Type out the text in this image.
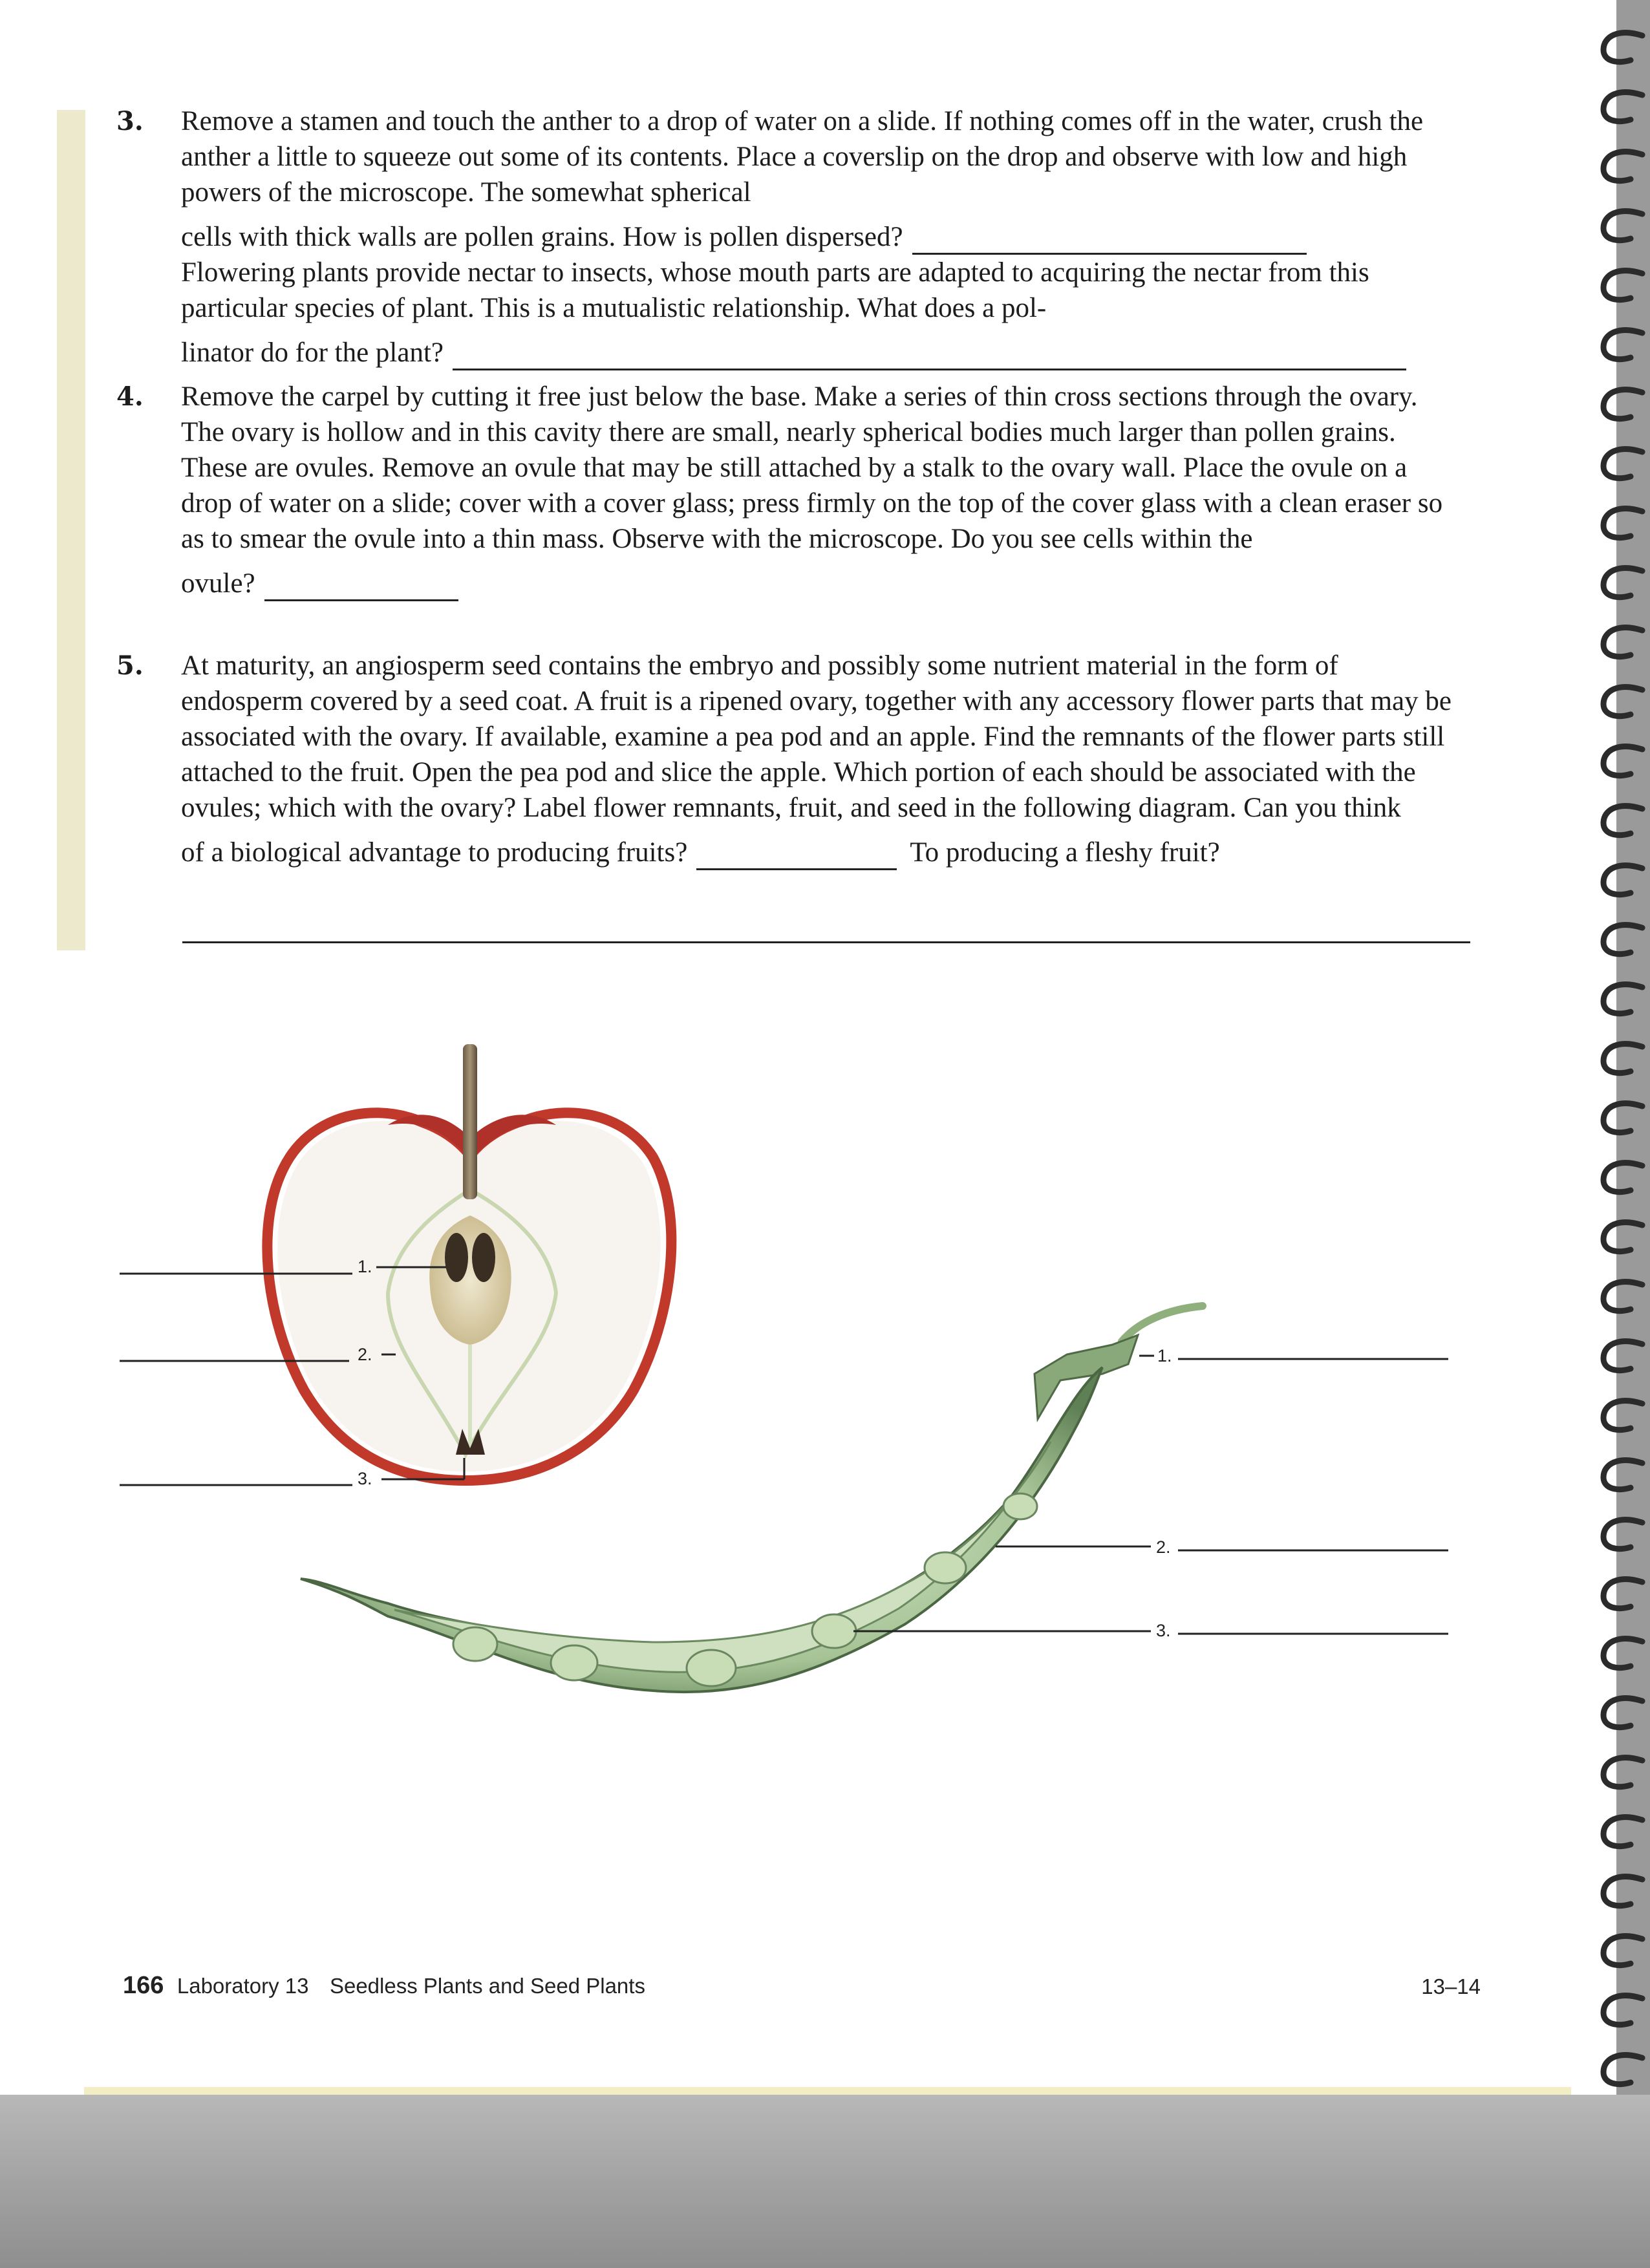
3.	Remove a stamen and touch the anther to a drop of water on a slide. If nothing comes off in the water, crush the anther a little to squeeze out some of its contents. Place a coverslip on the drop and observe with low and high powers of the microscope. The somewhat spherical

cells with thick walls are pollen grains. How is pollen dispersed?

Flowering plants provide nectar to insects, whose mouth parts are adapted to acquiring the nectar from this particular species of plant. This is a mutualistic relationship. What does a pol-

linator do for the plant?

4.	Remove the carpel by cutting it free just below the base. Make a series of thin cross sections through the ovary. The ovary is hollow and in this cavity there are small, nearly spherical bodies much larger than pollen grains. These are ovules. Remove an ovule that may be still attached by a stalk to the ovary wall. Place the ovule on a drop of water on a slide; cover with a cover glass; press firmly on the top of the cover glass with a clean eraser so as to smear the ovule into a thin mass. Observe with the microscope. Do you see cells within the

ovule?

5.	At maturity, an angiosperm seed contains the embryo and possibly some nutrient material in the form of endosperm covered by a seed coat. A fruit is a ripened ovary, together with any accessory flower parts that may be associated with the ovary. If available, examine a pea pod and an apple. Find the remnants of the flower parts still attached to the fruit. Open the pea pod and slice the apple. Which portion of each should be associated with the ovules; which with the ovary? Label flower remnants, fruit, and seed in the following diagram. Can you think

of a biological advantage to producing fruits?	To producing a fleshy fruit?

1.
2.
3.
1.
2.
3.
166 Laboratory 13 Seedless Plants and Seed Plants	13–14
